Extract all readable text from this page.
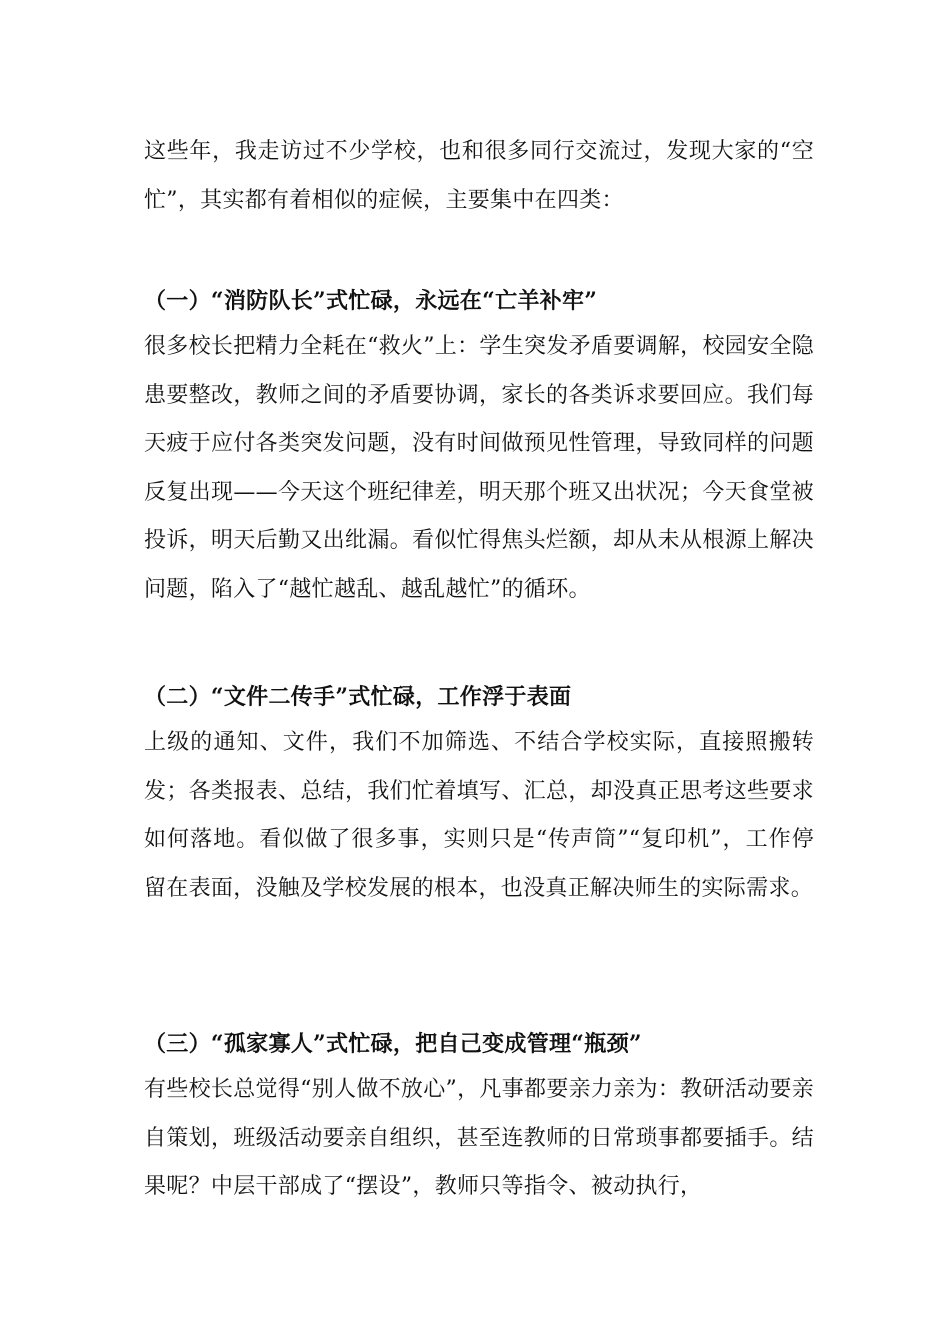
这些年，我走访过不少学校，也和很多同行交流过，发现大家的“空忙”，其实都有着相似的症候，主要集中在四类：

（一）“消防队长”式忙碌，永远在“亡羊补牢”

很多校长把精力全耗在“救火”上：学生突发矛盾要调解，校园安全隐患要整改，教师之间的矛盾要协调，家长的各类诉求要回应。我们每天疲于应付各类突发问题，没有时间做预见性管理，导致同样的问题反复出现——今天这个班纪律差，明天那个班又出状况；今天食堂被投诉，明天后勤又出纰漏。看似忙得焦头烂额，却从未从根源上解决问题，陷入了“越忙越乱、越乱越忙”的循环。

（二）“文件二传手”式忙碌，工作浮于表面

上级的通知、文件，我们不加筛选、不结合学校实际，直接照搬转发；各类报表、总结，我们忙着填写、汇总，却没真正思考这些要求如何落地。看似做了很多事，实则只是“传声筒”“复印机”，工作停留在表面，没触及学校发展的根本，也没真正解决师生的实际需求。

（三）“孤家寡人”式忙碌，把自己变成管理“瓶颈”

有些校长总觉得“别人做不放心”，凡事都要亲力亲为：教研活动要亲自策划，班级活动要亲自组织，甚至连教师的日常琐事都要插手。结果呢？中层干部成了“摆设”，教师只等指令、被动执行，
